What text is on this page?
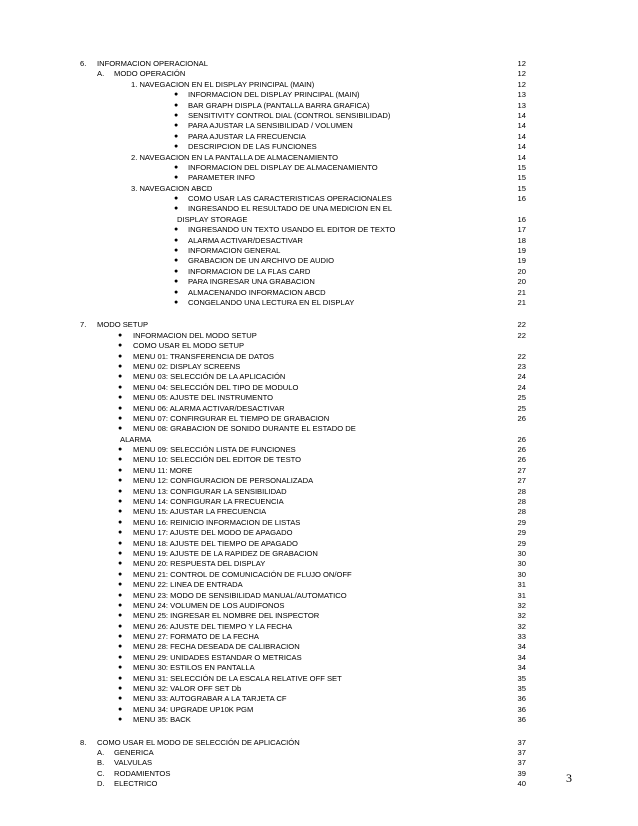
6. INFORMACION OPERACIONAL	12
A. MODO OPERACIÓN	12
1. NAVEGACION EN EL DISPLAY PRINCIPAL (MAIN)	12
● INFORMACION DEL DISPLAY PRINCIPAL (MAIN)	13
● BAR GRAPH DISPLA (PANTALLA BARRA GRAFICA)	13
● SENSITIVITY CONTROL DIAL (CONTROL SENSIBILIDAD)	14
● PARA AJUSTAR LA SENSIBILIDAD / VOLUMEN	14
● PARA AJUSTAR LA FRECUENCIA	14
● DESCRIPCION DE LAS FUNCIONES	14
2. NAVEGACION EN LA PANTALLA DE ALMACENAMIENTO	14
● INFORMACION DEL DISPLAY DE ALMACENAMIENTO	15
● PARAMETER INFO	15
3. NAVEGACION ABCD	15
● COMO USAR LAS CARACTERISTICAS OPERACIONALES	16
● INGRESANDO EL RESULTADO DE UNA MEDICION EN EL
DISPLAY STORAGE	16
● INGRESANDO UN TEXTO USANDO EL EDITOR DE TEXTO	17
● ALARMA ACTIVAR/DESACTIVAR	18
● INFORMACION GENERAL	19
● GRABACION DE UN ARCHIVO DE AUDIO	19
● INFORMACION DE LA FLAS CARD	20
● PARA INGRESAR UNA GRABACION	20
● ALMACENANDO INFORMACION ABCD	21
● CONGELANDO UNA LECTURA EN EL DISPLAY	21
7. MODO SETUP	22
● INFORMACION DEL MODO SETUP	22
● COMO USAR EL MODO SETUP
● MENU 01: TRANSFERENCIA DE DATOS	22
● MENU 02: DISPLAY SCREENS	23
● MENU 03: SELECCIÓN DE LA APLICACIÓN	24
● MENU 04: SELECCIÓN DEL TIPO DE MODULO	24
● MENU 05: AJUSTE DEL INSTRUMENTO	25
● MENU 06: ALARMA ACTIVAR/DESACTIVAR	25
● MENU 07: CONFIRGURAR EL TIEMPO DE GRABACION	26
● MENU 08: GRABACION DE SONIDO DURANTE EL ESTADO DE
ALARMA	26
● MENU 09: SELECCIÓN LISTA DE FUNCIONES	26
● MENU 10: SELECCIÓN DEL EDITOR DE TESTO	26
● MENU 11: MORE	27
● MENU 12: CONFIGURACION DE PERSONALIZADA	27
● MENU 13: CONFIGURAR LA SENSIBILIDAD	28
● MENU 14: CONFIGURAR LA FRECUENCIA	28
● MENU 15: AJUSTAR LA FRECUENCIA	28
● MENU 16: REINICIO INFORMACION DE LISTAS	29
● MENU 17: AJUSTE DEL MODO DE APAGADO	29
● MENU 18: AJUSTE DEL TIEMPO DE APAGADO	29
● MENU 19: AJUSTE DE LA RAPIDEZ DE GRABACION	30
● MENU 20: RESPUESTA DEL DISPLAY	30
● MENU 21: CONTROL DE COMUNICACIÓN DE FLUJO ON/OFF	30
● MENU 22: LINEA DE ENTRADA	31
● MENU 23: MODO DE SENSIBILIDAD MANUAL/AUTOMATICO	31
● MENU 24: VOLUMEN DE LOS AUDIFONOS	32
● MENU 25: INGRESAR EL NOMBRE DEL INSPECTOR	32
● MENU 26: AJUSTE DEL TIEMPO Y LA FECHA	32
● MENU 27: FORMATO DE LA FECHA	33
● MENU 28: FECHA DESEADA DE CALIBRACION	34
● MENU 29: UNIDADES ESTANDAR O METRICAS	34
● MENU 30: ESTILOS EN PANTALLA	34
● MENU 31: SELECCIÓN DE LA ESCALA RELATIVE OFF SET	35
● MENU 32: VALOR OFF SET Db	35
● MENU 33: AUTOGRABAR A LA TARJETA CF	36
● MENU 34: UPGRADE UP10K PGM	36
● MENU 35: BACK	36
8. COMO USAR EL MODO DE SELECCIÓN DE APLICACIÓN	37
A. GENERICA	37
B. VALVULAS	37
C. RODAMIENTOS	39
D. ELECTRICO	40	3
